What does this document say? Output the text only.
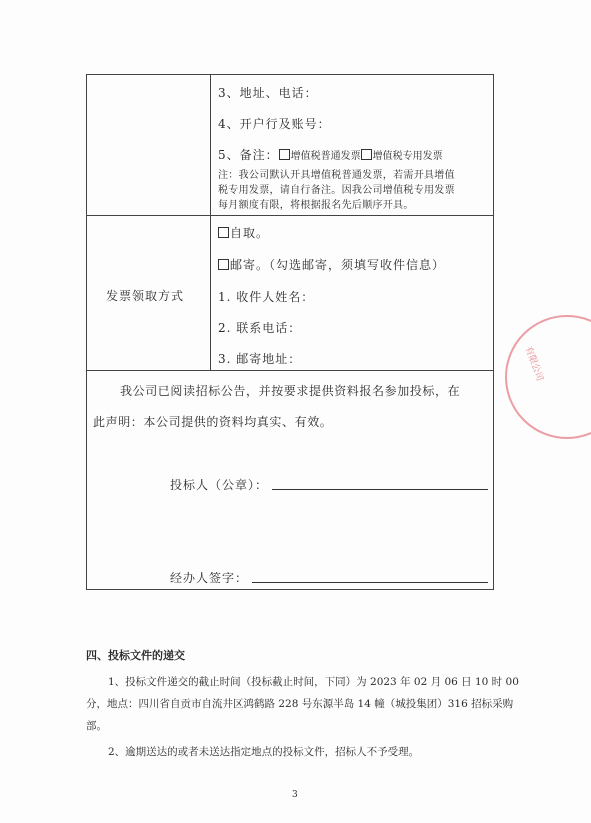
3、地址、电话：
4、开户行及账号：
5、备注： 增值税普通发票 增值税专用发票
注：我公司默认开具增值税普通发票，若需开具增值
税专用发票，请自行备注。因我公司增值税专用发票
每月额度有限，将根据报名先后顺序开具。
发票领取方式
自取。
邮寄。（勾选邮寄，须填写收件信息）
1. 收件人姓名：
2. 联系电话：
3. 邮寄地址：
我公司已阅读招标公告，并按要求提供资料报名参加投标，在
此声明：本公司提供的资料均真实、有效。
投标人（公章）：
经办人签字：
有限公司
四、投标文件的递交
1、投标文件递交的截止时间（投标截止时间，下同）为 2023 年 02 月 06 日 10 时 00
分，地点：四川省自贡市自流井区鸿鹤路 228 号东源半岛 14 幢（城投集团）316 招标采购
部。
2、逾期送达的或者未送达指定地点的投标文件，招标人不予受理。
3
